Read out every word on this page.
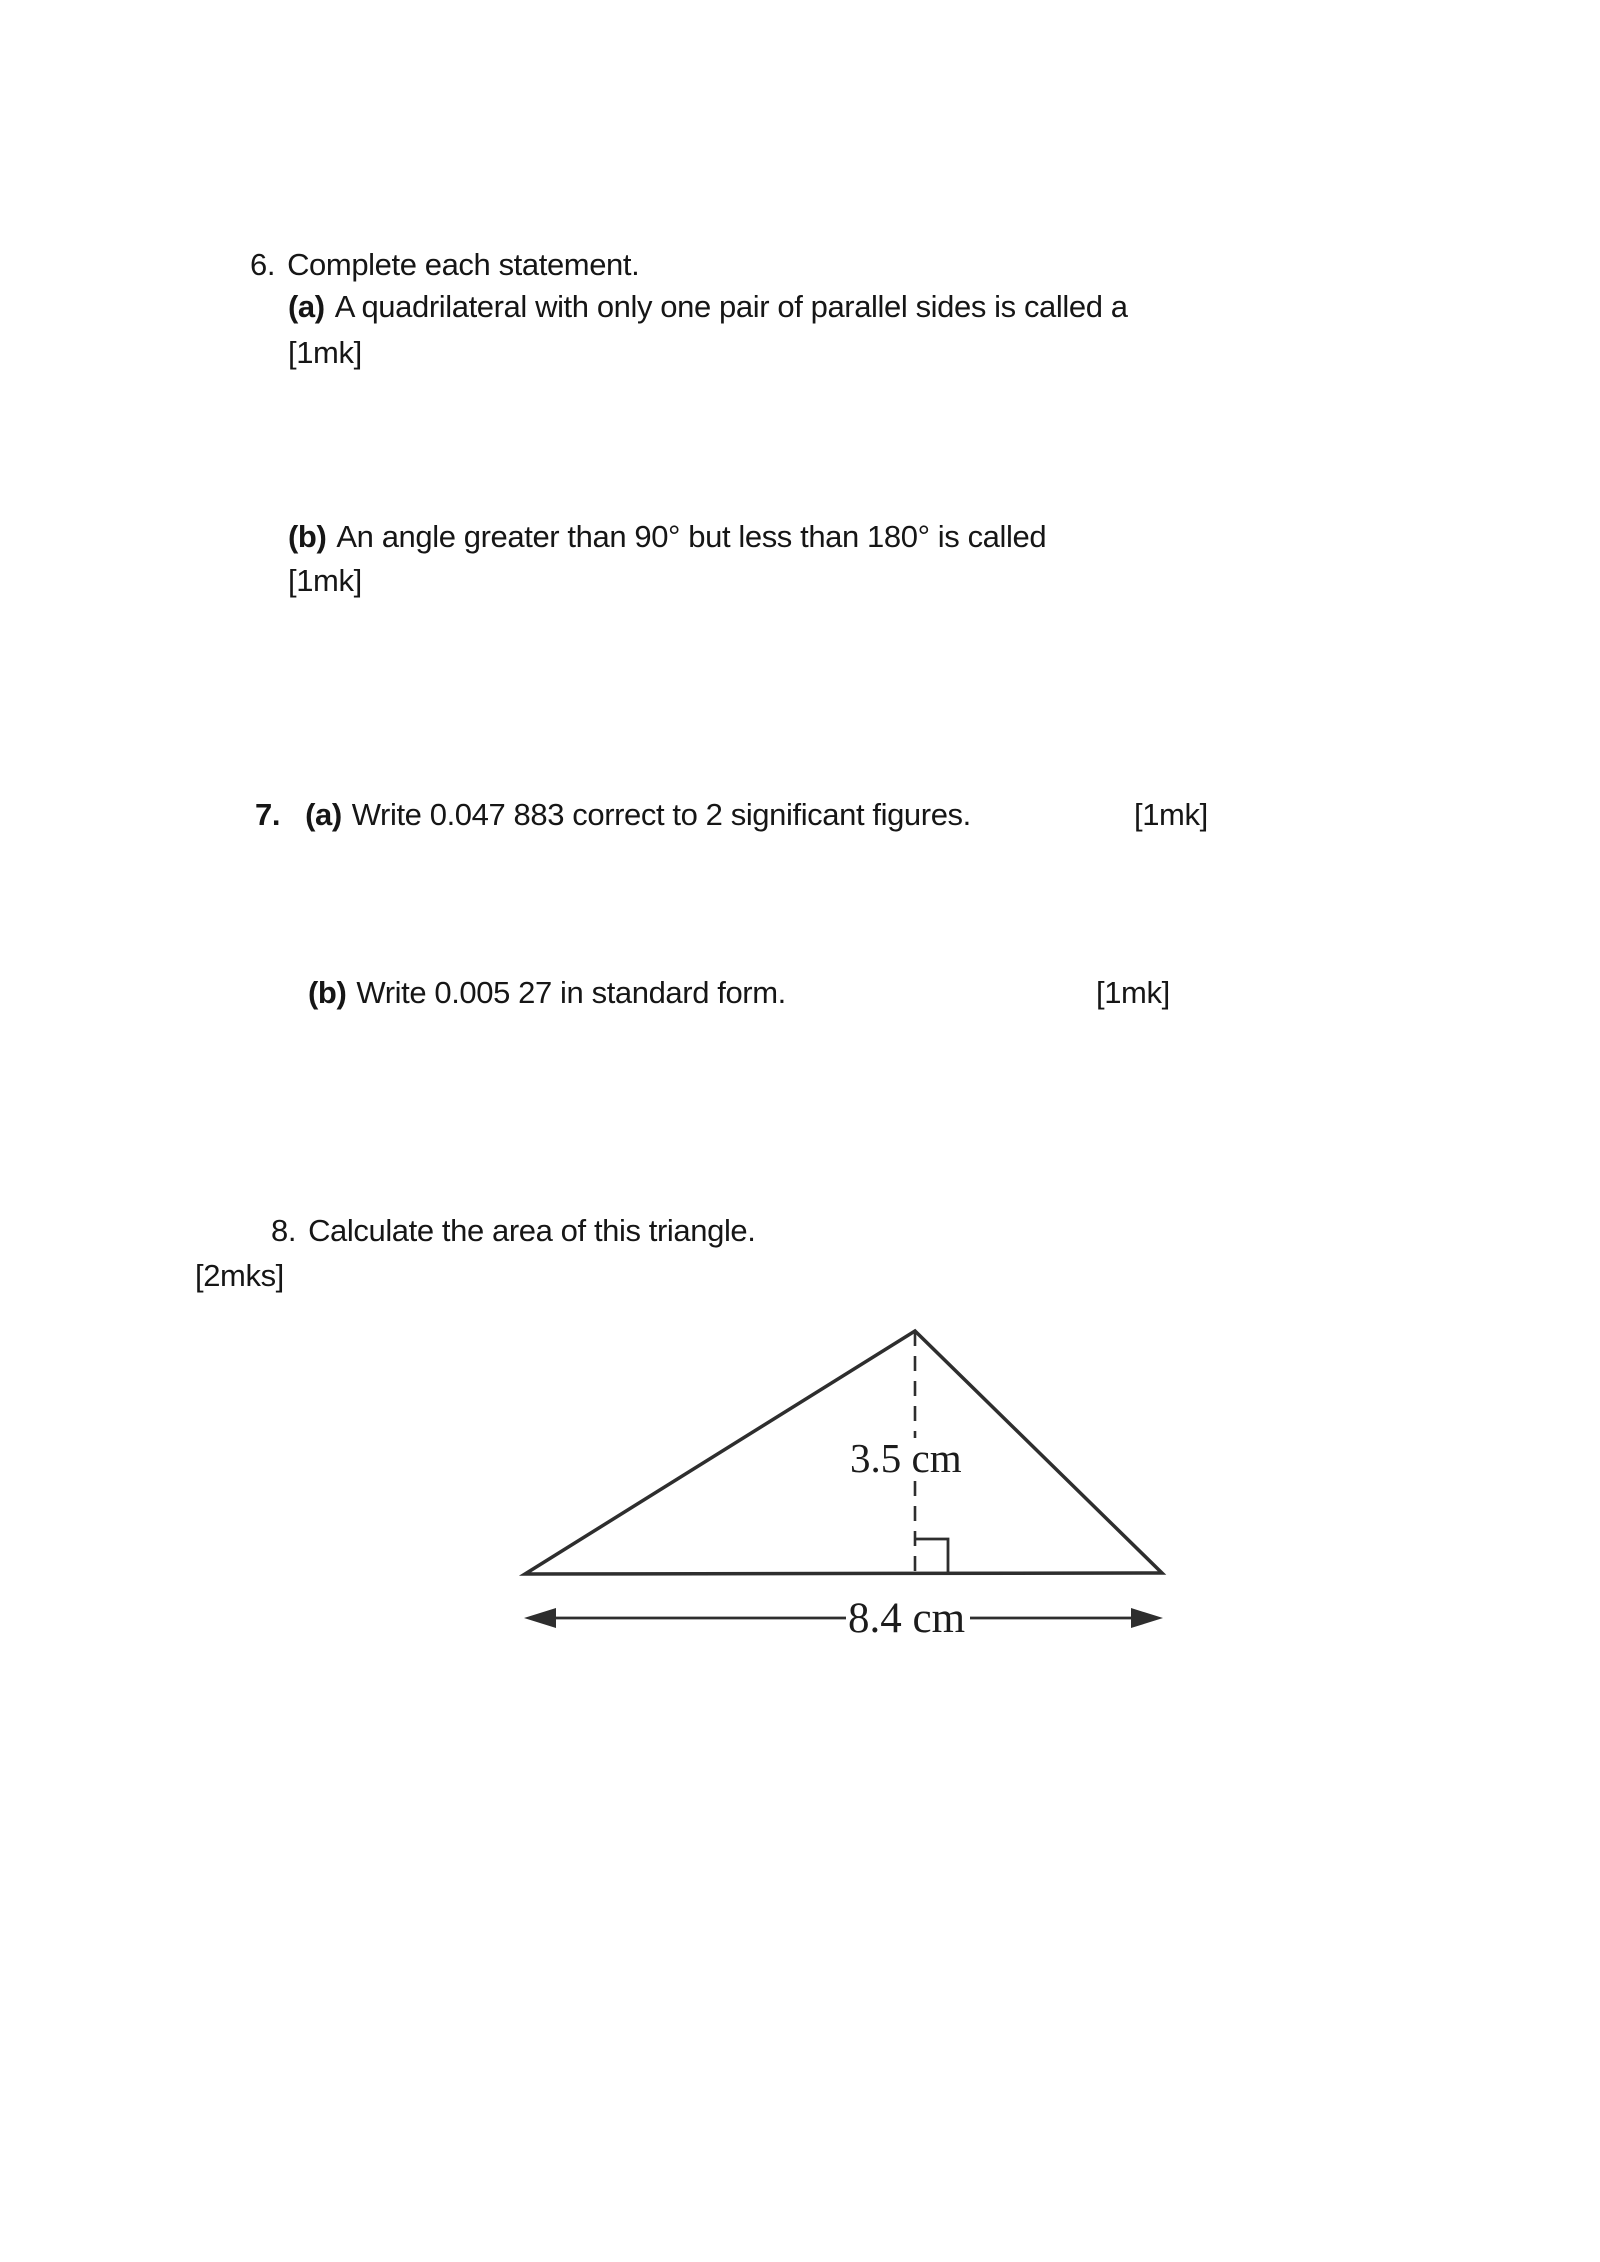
6. Complete each statement.
(a) A quadrilateral with only one pair of parallel sides is called a
[1mk]
(b) An angle greater than 90° but less than 180° is called
[1mk]
7. (a) Write 0.047 883 correct to 2 significant figures.	[1mk]
(b) Write 0.005 27 in standard form.	[1mk]
8. Calculate the area of this triangle.
[2mks]
3.5 cm
8.4 cm
